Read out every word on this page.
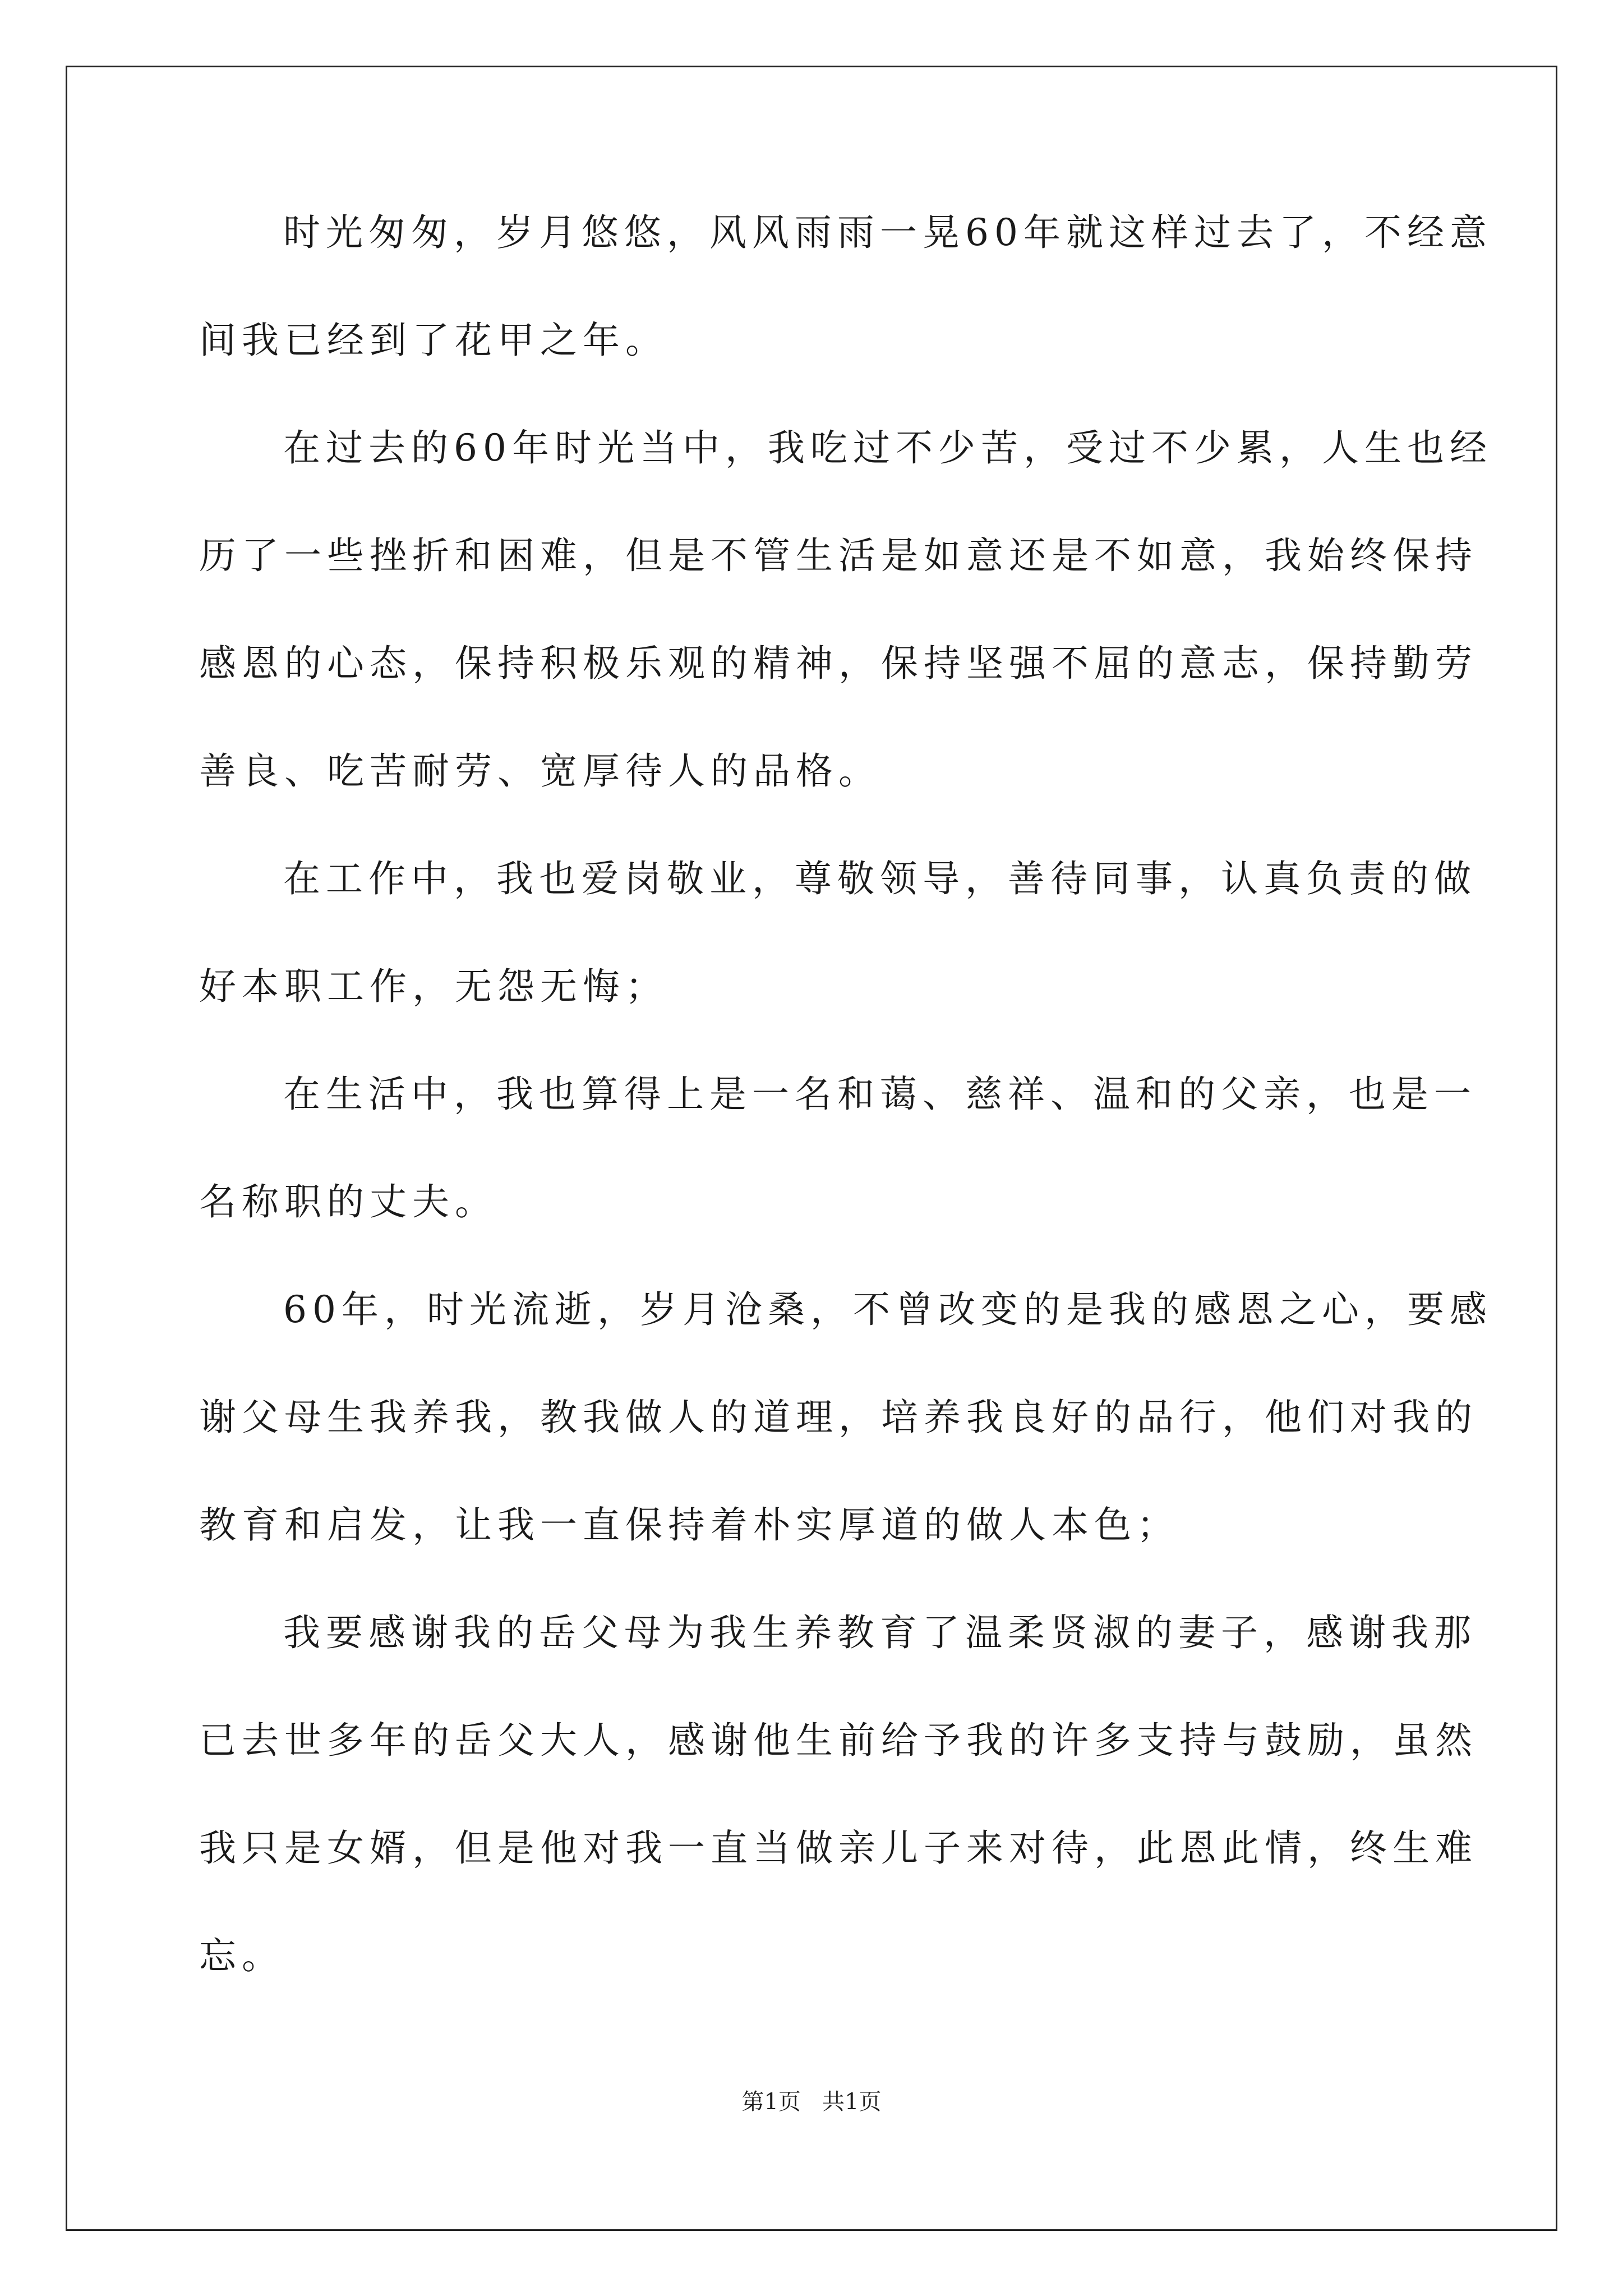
时光匆匆，岁月悠悠，风风雨雨一晃60年就这样过去了，不经意

间我已经到了花甲之年。

在过去的60年时光当中，我吃过不少苦，受过不少累，人生也经

历了一些挫折和困难，但是不管生活是如意还是不如意，我始终保持

感恩的心态，保持积极乐观的精神，保持坚强不屈的意志，保持勤劳

善良、吃苦耐劳、宽厚待人的品格。

在工作中，我也爱岗敬业，尊敬领导，善待同事，认真负责的做

好本职工作，无怨无悔；

在生活中，我也算得上是一名和蔼、慈祥、温和的父亲，也是一

名称职的丈夫。

60年，时光流逝，岁月沧桑，不曾改变的是我的感恩之心，要感

谢父母生我养我，教我做人的道理，培养我良好的品行，他们对我的

教育和启发，让我一直保持着朴实厚道的做人本色；

我要感谢我的岳父母为我生养教育了温柔贤淑的妻子，感谢我那

已去世多年的岳父大人，感谢他生前给予我的许多支持与鼓励，虽然

我只是女婿，但是他对我一直当做亲儿子来对待，此恩此情，终生难

忘。

第1页   共1页
